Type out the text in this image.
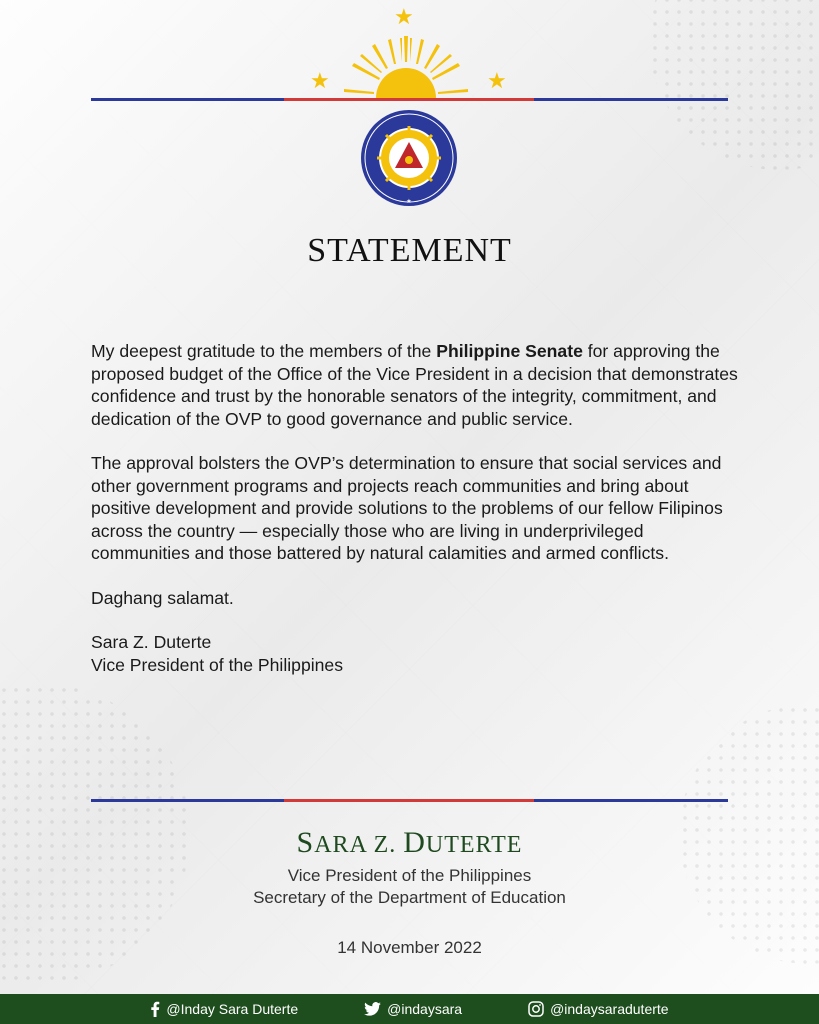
★
★	★
★
STATEMENT

My deepest gratitude to the members of the Philippine Senate for approving the proposed budget of the Office of the Vice President in a decision that demonstrates confidence and trust by the honorable senators of the integrity, commitment, and dedication of the OVP to good governance and public service.

The approval bolsters the OVP’s determination to ensure that social services and other government programs and projects reach communities and bring about positive development and provide solutions to the problems of our fellow Filipinos across the country — especially those who are living in underprivileged communities and those battered by natural calamities and armed conflicts.

Daghang salamat.

Sara Z. Duterte
Vice President of the Philippines
SARA Z. DUTERTE
Vice President of the Philippines
Secretary of the Department of Education
14 November 2022
@Inday Sara Duterte	@indaysara	@indaysaraduterte
